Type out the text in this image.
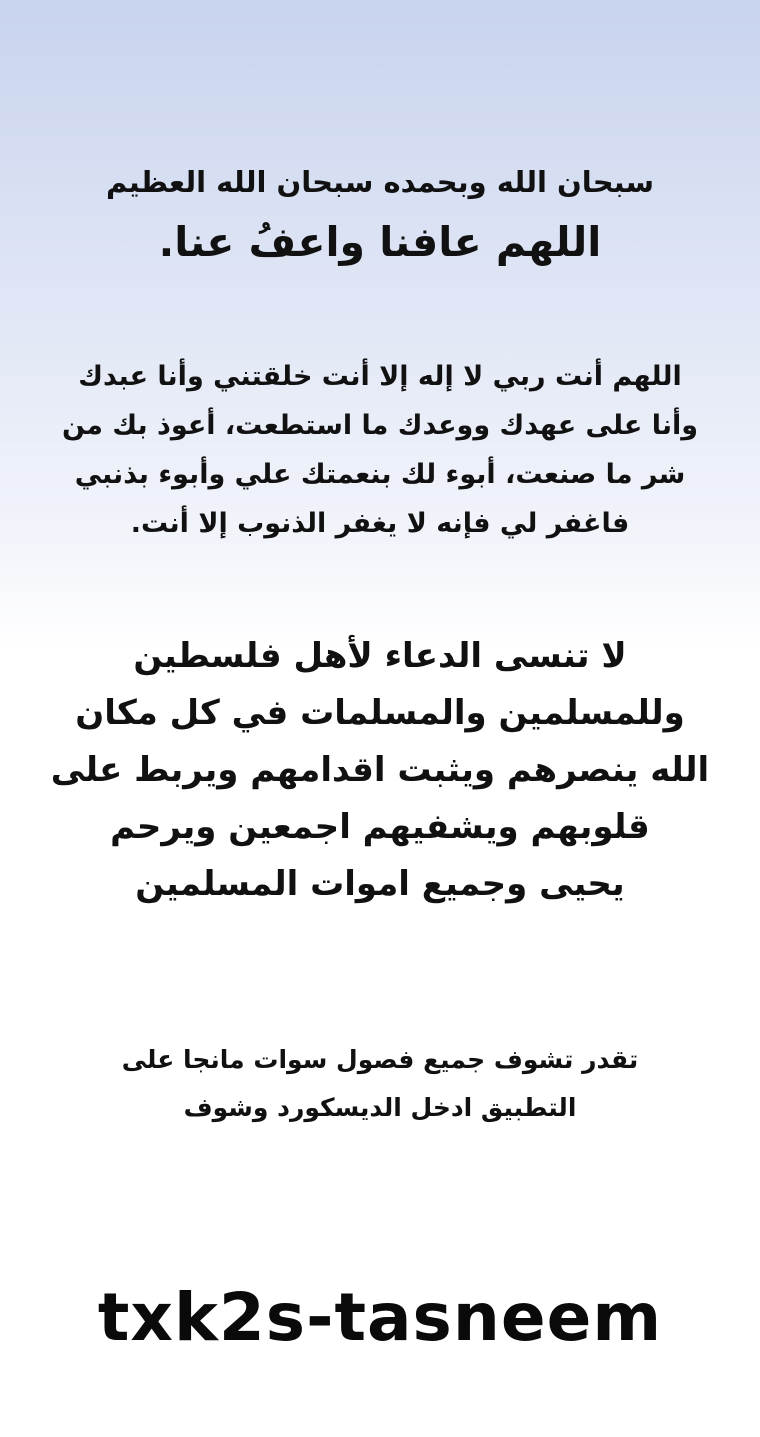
سبحان الله وبحمده سبحان الله العظيم
اللهم عافنا واعفُ عنا.
اللهم أنت ربي لا إله إلا أنت خلقتني وأنا عبدك
وأنا على عهدك ووعدك ما استطعت، أعوذ بك من
شر ما صنعت، أبوء لك بنعمتك علي وأبوء بذنبي
فاغفر لي فإنه لا يغفر الذنوب إلا أنت.
لا تنسى الدعاء لأهل فلسطين
وللمسلمين والمسلمات في كل مكان
الله ينصرهم ويثبت اقدامهم ويربط على
قلوبهم ويشفيهم اجمعين ويرحم
يحيى وجميع اموات المسلمين
تقدر تشوف جميع فصول سوات مانجا على
التطبيق ادخل الديسكورد وشوف
txk2s-tasneem
